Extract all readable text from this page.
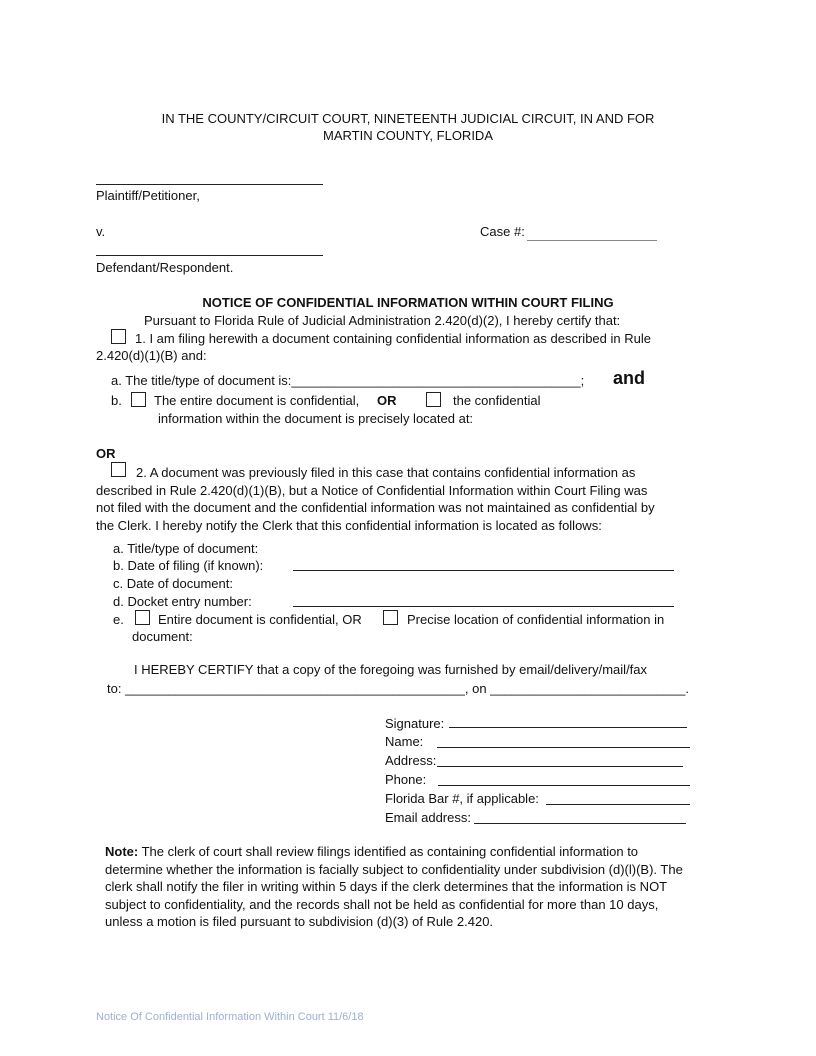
IN THE COUNTY/CIRCUIT COURT, NINETEENTH JUDICIAL CIRCUIT, IN AND FOR
MARTIN COUNTY, FLORIDA
Plaintiff/Petitioner,
v.	Case #:
Defendant/Respondent.
NOTICE OF CONFIDENTIAL INFORMATION WITHIN COURT FILING
Pursuant to Florida Rule of Judicial Administration 2.420(d)(2), I hereby certify that:
1. I am filing herewith a document containing confidential information as described in Rule
2.420(d)(1)(B) and:
a. The title/type of document is:________________________________________; and
b. The entire document is confidential, OR	the confidential
information within the document is precisely located at:
OR
2. A document was previously filed in this case that contains confidential information as
described in Rule 2.420(d)(1)(B), but a Notice of Confidential Information within Court Filing was
not filed with the document and the confidential information was not maintained as confidential by
the Clerk. I hereby notify the Clerk that this confidential information is located as follows:
a. Title/type of document:
b. Date of filing (if known):
c. Date of document:
d. Docket entry number:
e.	Entire document is confidential, OR	Precise location of confidential information in
document:
I HEREBY CERTIFY that a copy of the foregoing was furnished by email/delivery/mail/fax
to: _______________________________________________, on ___________________________.
Signature:
Name:
Address:
Phone:
Florida Bar #, if applicable:
Email address:
Note: The clerk of court shall review filings identified as containing confidential information to
determine whether the information is facially subject to confidentiality under subdivision (d)(l)(B). The
clerk shall notify the filer in writing within 5 days if the clerk determines that the information is NOT
subject to confidentiality, and the records shall not be held as confidential for more than 10 days,
unless a motion is filed pursuant to subdivision (d)(3) of Rule 2.420.
Notice Of Confidential Information Within Court 11/6/18
